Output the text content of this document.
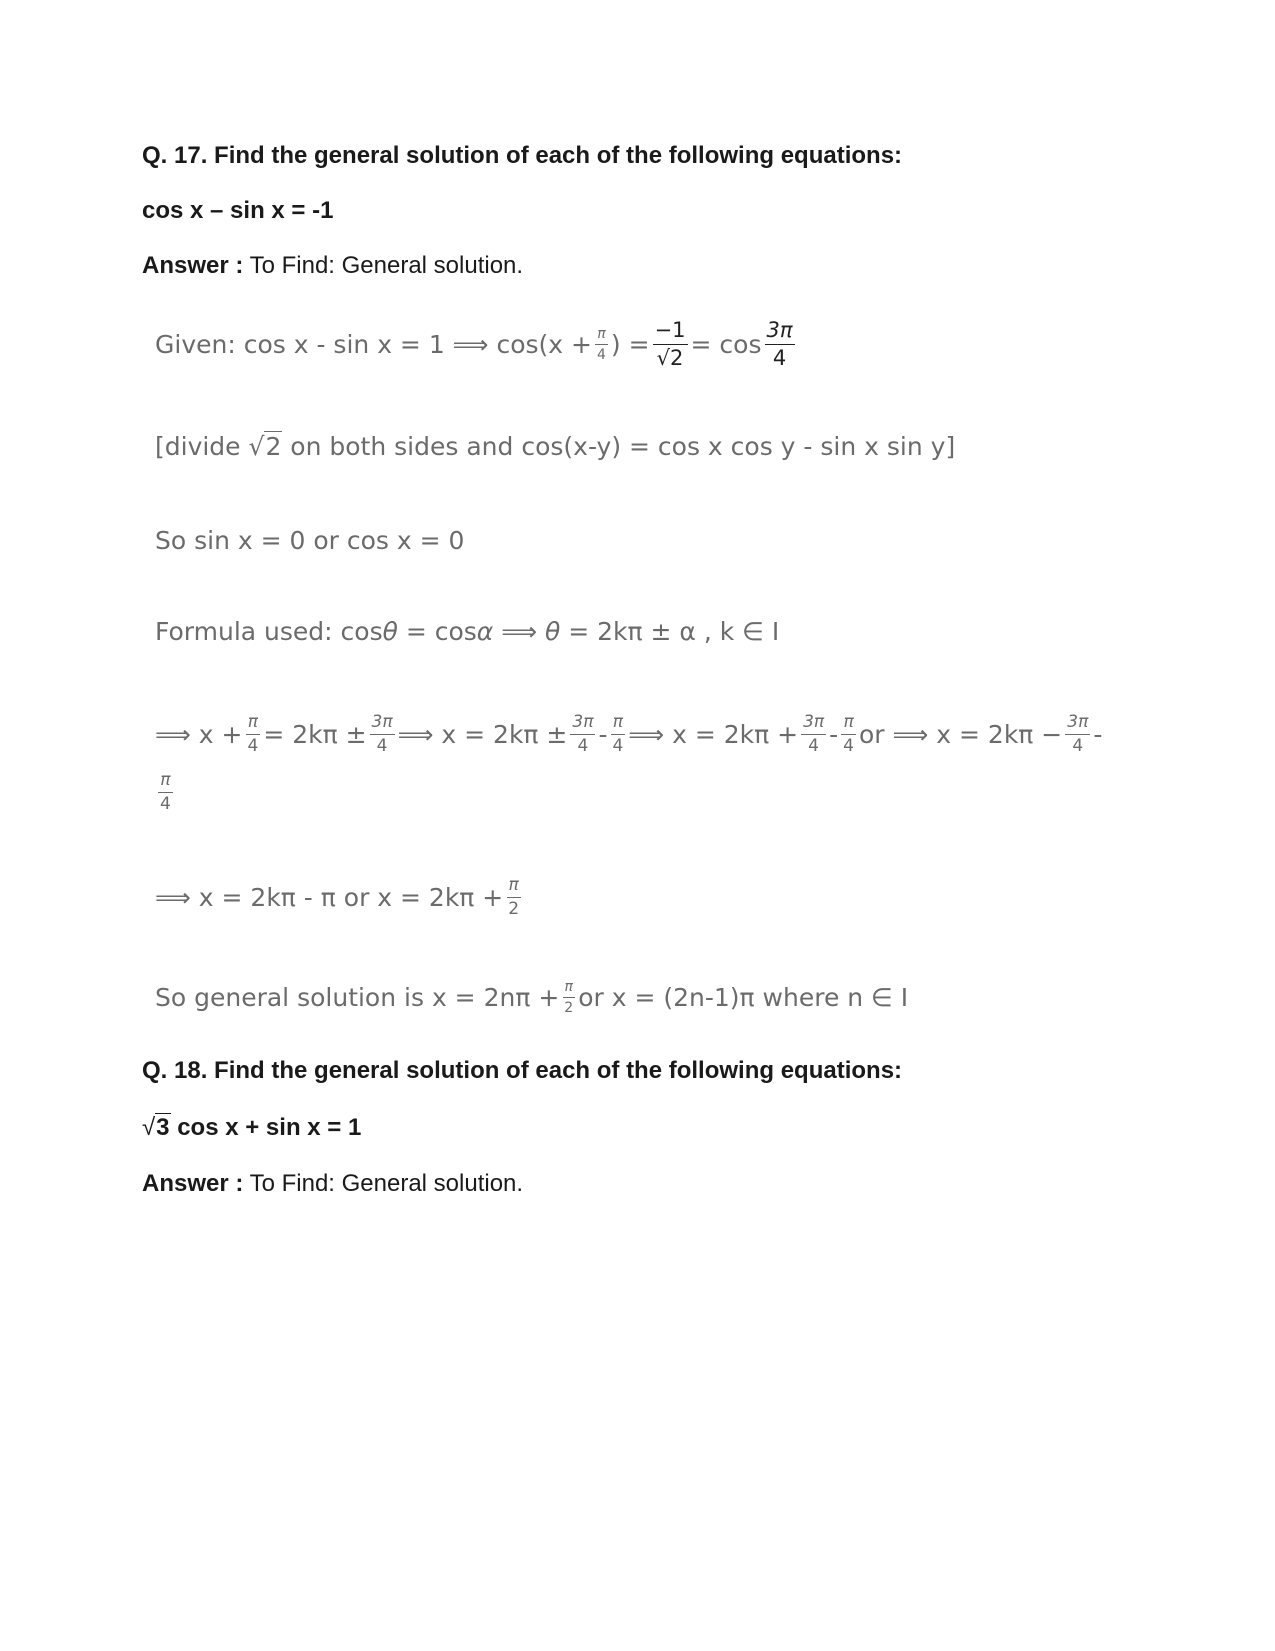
Q. 17. Find the general solution of each of the following equations:
cos x – sin x = -1
Answer : To Find: General solution.
Given: cos x - sin x = 1 ⟹ $\cos(x + \frac{\pi}{4}$ ) = $\frac{-1}{√2} = \cos \frac{3\pi}{4}$
[divide √2 on both sides and cos(x-y) = cos x cos y - sin x sin y]
So sin x = 0 or cos x = 0
Formula used: cosθ = cosα ⟹ θ = 2kπ ± α , k ∈ I
⟹ $x + \frac{\pi}{4} = 2k\pi \pm \frac{3\pi}{4}$ ⟹ $x = 2k\pi \pm \frac{3\pi}{4} - \frac{\pi}{4}$ ⟹ $x = 2k\pi + \frac{3\pi}{4} - \frac{\pi}{4}$ or ⟹ $x = 2k\pi - \frac{3\pi}{4}$ -
$\frac{\pi}{4}$
⟹ x = 2kπ - π or $x = 2k\pi + \frac{\pi}{2}$
So general solution is $x = 2n\pi + \frac{\pi}{2}$ or x = (2n-1)π where n ∈ I
Q. 18. Find the general solution of each of the following equations:
√3 cos x + sin x = 1
Answer : To Find: General solution.
